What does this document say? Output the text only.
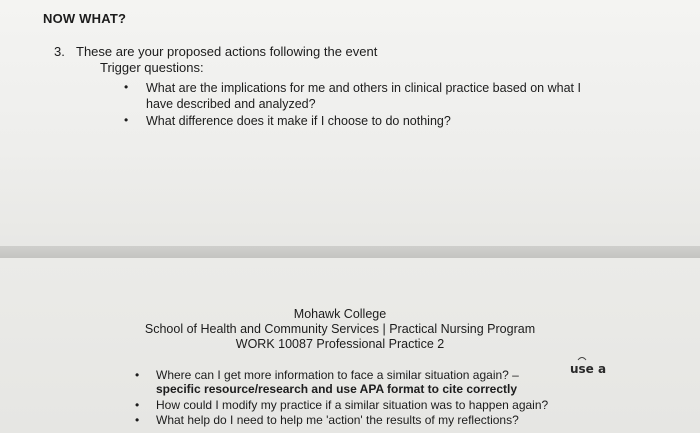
NOW WHAT?
3. These are your proposed actions following the event
Trigger questions:
• What are the implications for me and others in clinical practice based on what I
have described and analyzed?
• What difference does it make if I choose to do nothing?
Mohawk College
School of Health and Community Services | Practical Nursing Program
WORK 10087 Professional Practice 2
• Where can I get more information to face a similar situation again? –
specific resource/research and use APA format to cite correctly
• How could I modify my practice if a similar situation was to happen again?
• What help do I need to help me 'action' the results of my reflections?
use a
